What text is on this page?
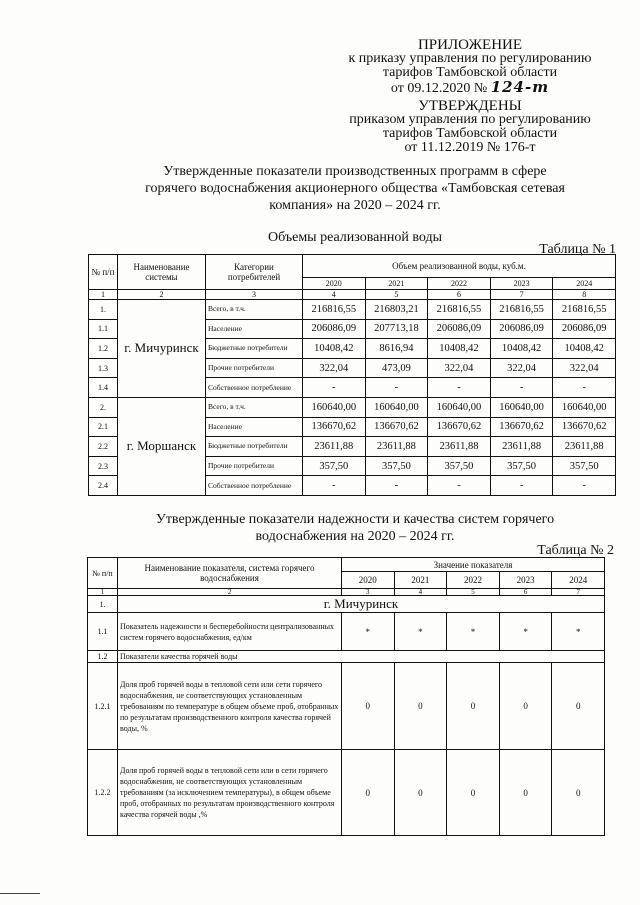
ПРИЛОЖЕНИЕ
к приказу управления по регулированию
тарифов Тамбовской области
от 09.12.2020 № 124-т
УТВЕРЖДЕНЫ
приказом управления по регулированию
тарифов Тамбовской области
от 11.12.2019 № 176-т
Утвержденные показатели производственных программ в сфере
горячего водоснабжения акционерного общества «Тамбовская сетевая
компания» на 2020 – 2024 гг.
Объемы реализованной воды
Таблица № 1
№ п/п	Наименование системы	Категории потребителей	Объем реализованной воды, куб.м.				
			2020	2021	2022	2023	2024
1	2	3	4	5	6	7	8
1.	г. Мичуринск	Всего, в т.ч.	216816,55	216803,21	216816,55	216816,55	216816,55
1.1		Население	206086,09	207713,18	206086,09	206086,09	206086,09
1.2		Бюджетные потребители	10408,42	8616,94	10408,42	10408,42	10408,42
1.3		Прочие потребители	322,04	473,09	322,04	322,04	322,04
1.4		Собственное потребление	-	-	-	-	-
2.	г. Моршанск	Всего, в т.ч.	160640,00	160640,00	160640,00	160640,00	160640,00
2.1		Население	136670,62	136670,62	136670,62	136670,62	136670,62
2.2		Бюджетные потребители	23611,88	23611,88	23611,88	23611,88	23611,88
2.3		Прочие потребители	357,50	357,50	357,50	357,50	357,50
2.4		Собственное потребление	-	-	-	-	-
Утвержденные показатели надежности и качества систем горячего
водоснабжения на 2020 – 2024 гг.
Таблица № 2
№ п/п	Наименование показателя, система горячего водоснабжения	Значение показателя				
		2020	2021	2022	2023	2024
1	2	3	4	5	6	7
1.	г. Мичуринск					
1.1	Показатель надежности и бесперебойности централизованных систем горячего водоснабжения, ед/км	*	*	*	*	*
1.2	Показатели качества горячей воды					
1.2.1	Доля проб горячей воды в тепловой сети или сети горячего водоснабжения, не соответствующих установленным требованиям по температуре в общем объеме проб, отобранных по результатам производственного контроля качества горячей воды, %	0	0	0	0	0
1.2.2	Доля проб горячей воды в тепловой сети или в сети горячего водоснабжения, не соответствующих установленным требованиям (за исключением температуры), в общем объеме проб, отобранных по результатам производственного контроля качества горячей воды ,%	0	0	0	0	0
